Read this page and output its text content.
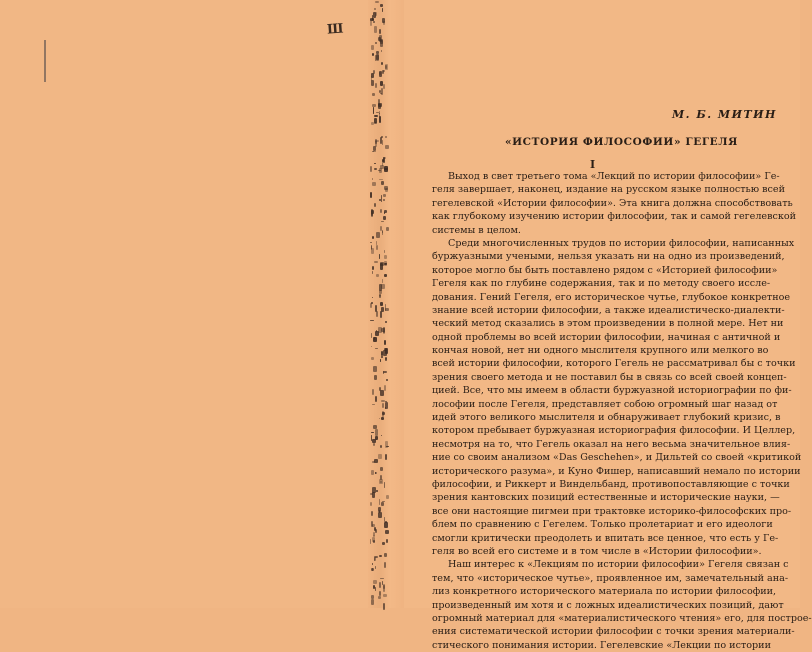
Ш
М. Б. МИТИН
«ИСТОРИЯ ФИЛОСОФИИ» ГЕГЕЛЯ
I
Выход в свет третьего тома «Лекций по истории философии» Ге-
геля завершает, наконец, издание на русском языке полностью всей
гегелевской «Истории философии». Эта книга должна способствовать
как глубокому изучению истории философии, так и самой гегелевской
системы в целом.
Среди многочисленных трудов по истории философии, написанных
буржуазными учеными, нельзя указать ни на одно из произведений,
которое могло бы быть поставлено рядом с «Историей философии»
Гегеля как по глубине содержания, так и по методу своего иссле-
дования. Гений Гегеля, его историческое чутье, глубокое конкретное
знание всей истории философии, а также идеалистическо-диалекти-
ческий метод сказались в этом произведении в полной мере. Нет ни
одной проблемы во всей истории философии, начиная с античной и
кончая новой, нет ни одного мыслителя крупного или мелкого во
всей истории философии, которого Гегель не рассматривал бы с точки
зрения своего метода и не поставил бы в связь со всей своей концеп-
цией. Все, что мы имеем в области буржуазной историографии по фи-
лософии после Гегеля, представляет собою огромный шаг назад от
идей этого великого мыслителя и обнаруживает глубокий кризис, в
котором пребывает буржуазная историография философии. И Целлер,
несмотря на то, что Гегель оказал на него весьма значительное влия-
ние со своим анализом «Das Geschehen», и Дильтей со своей «критикой
исторического разума», и Куно Фишер, написавший немало по истории
философии, и Риккерт и Виндельбанд, противопоставляющие с точки
зрения кантовских позиций естественные и исторические науки, —
все они настоящие пигмеи при трактовке историко-философских про-
блем по сравнению с Гегелем. Только пролетариат и его идеологи
смогли критически преодолеть и впитать все ценное, что есть у Ге-
геля во всей его системе и в том числе в «Истории философии».
Наш интерес к «Лекциям по истории философии» Гегеля связан с
тем, что «историческое чутье», проявленное им, замечательный ана-
лиз конкретного исторического материала по истории философии,
произведенный им хотя и с ложных идеалистических позиций, дают
огромный материал для «материалистического чтения» его, для построе-
ения систематической истории философии с точки зрения материали-
стического понимания истории. Гегелевские «Лекции по истории
